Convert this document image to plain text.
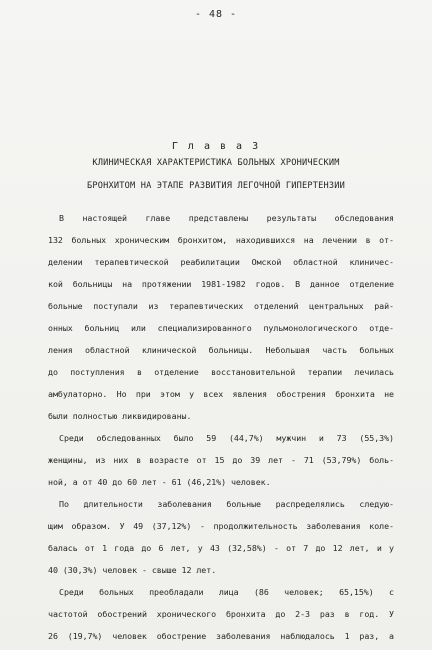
- 48 -
Г л а в а 3
КЛИНИЧЕСКАЯ ХАРАКТЕРИСТИКА БОЛЬНЫХ ХРОНИЧЕСКИМ
БРОНХИТОМ НА ЭТАПЕ РАЗВИТИЯ ЛЕГОЧНОЙ ГИПЕРТЕНЗИИ
В настоящей главе представлены результаты обследования
132 больных хроническим бронхитом, находившихся на лечении в от-
делении терапевтической реабилитации Омской областной клиничес-
кой больницы на протяжении 1981-1982 годов. В данное отделение
больные поступали из терапевтических отделений центральных рай-
онных больниц или специализированного пульмонологического отде-
ления областной клинической больницы. Небольшая часть больных
до поступления в отделение восстановительной терапии лечилась
амбулаторно. Но при этом у всех явления обострения бронхита не
были полностью ликвидированы.
Среди обследованных было 59 (44,7%) мужчин и 73 (55,3%)
женщины, из них в возрасте от 15 до 39 лет - 71 (53,79%) боль-
ной, а от 40 до 60 лет - 61 (46,21%) человек.
По длительности заболевания больные распределялись следую-
щим образом. У 49 (37,12%) - продолжительность заболевания коле-
балась от 1 года до 6 лет, у 43 (32,58%) - от 7 до 12 лет, и у
40 (30,3%) человек - свыше 12 лет.
Среди больных преобладали лица (86 человек; 65,15%) с
частотой обострений хронического бронхита до 2-3 раз в год. У
26 (19,7%) человек обострение заболевания наблюдалось 1 раз, а
